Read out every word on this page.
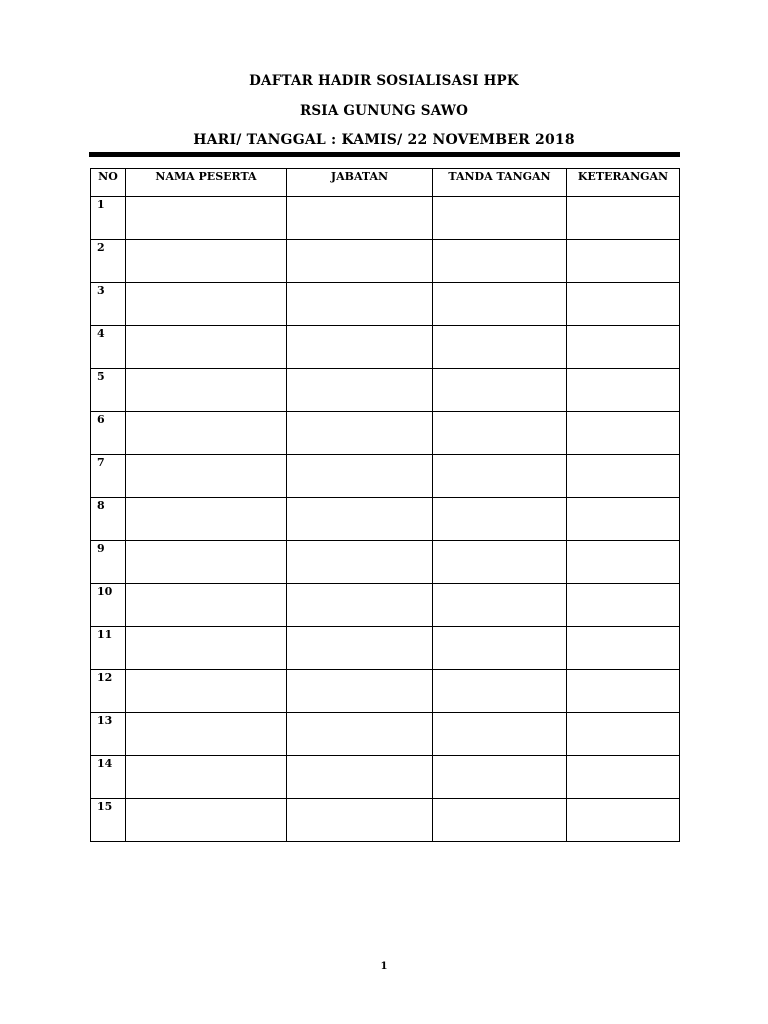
DAFTAR HADIR SOSIALISASI HPK
RSIA GUNUNG SAWO
HARI/ TANGGAL : KAMIS/ 22 NOVEMBER 2018
NO	NAMA PESERTA	JABATAN	TANDA TANGAN	KETERANGAN
1				
2				
3				
4				
5				
6				
7				
8				
9				
10				
11				
12				
13				
14				
15				
1
